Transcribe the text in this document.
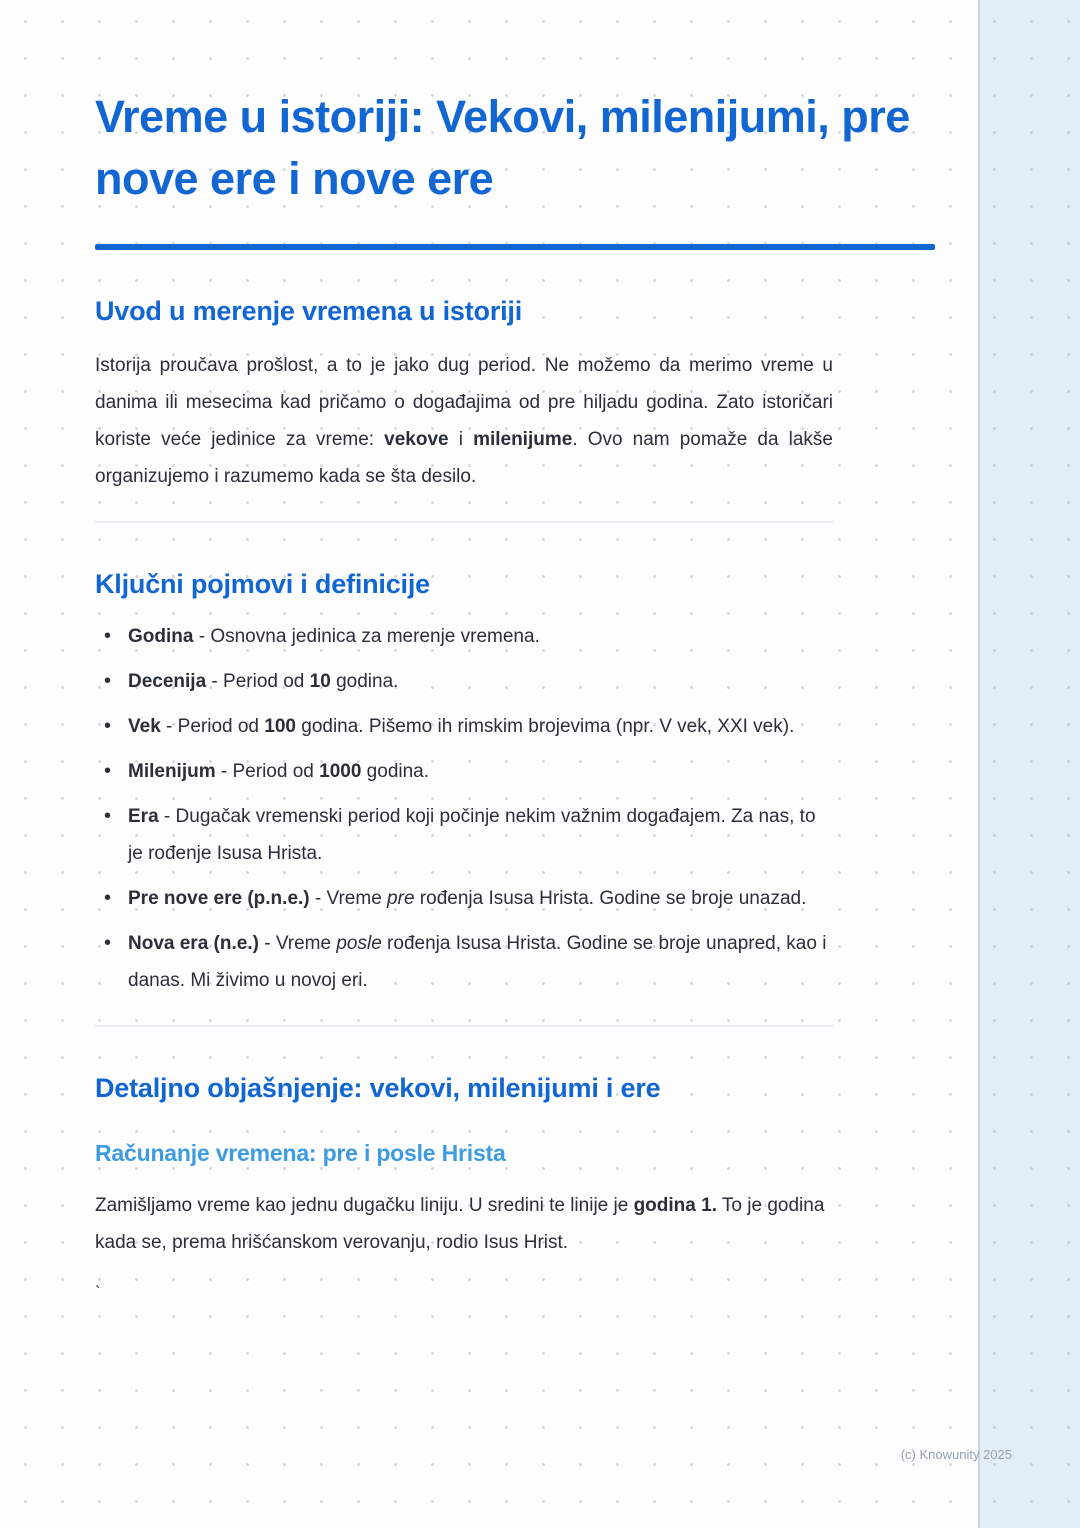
Vreme u istoriji: Vekovi, milenijumi, pre nove ere i nove ere
Uvod u merenje vremena u istoriji

Istorija proučava prošlost, a to je jako dug period. Ne možemo da merimo vreme u danima ili mesecima kad pričamo o događajima od pre hiljadu godina. Zato istoričari koriste veće jedinice za vreme: vekove i milenijume. Ovo nam pomaže da lakše organizujemo i razumemo kada se šta desilo.

Ključni pojmovi i definicije
• Godina - Osnovna jedinica za merenje vremena.
• Decenija - Period od 10 godina.
• Vek - Period od 100 godina. Pišemo ih rimskim brojevima (npr. V vek, XXI vek).
• Milenijum - Period od 1000 godina.
• Era - Dugačak vremenski period koji počinje nekim važnim događajem. Za nas, to je rođenje Isusa Hrista.
• Pre nove ere (p.n.e.) - Vreme pre rođenja Isusa Hrista. Godine se broje unazad.
• Nova era (n.e.) - Vreme posle rođenja Isusa Hrista. Godine se broje unapred, kao i danas. Mi živimo u novoj eri.
Detaljno objašnjenje: vekovi, milenijumi i ere
Računanje vremena: pre i posle Hrista

Zamišljamo vreme kao jednu dugačku liniju. U sredini te linije je godina 1. To je godina kada se, prema hrišćanskom verovanju, rodio Isus Hrist.

`
(c) Knowunity 2025
